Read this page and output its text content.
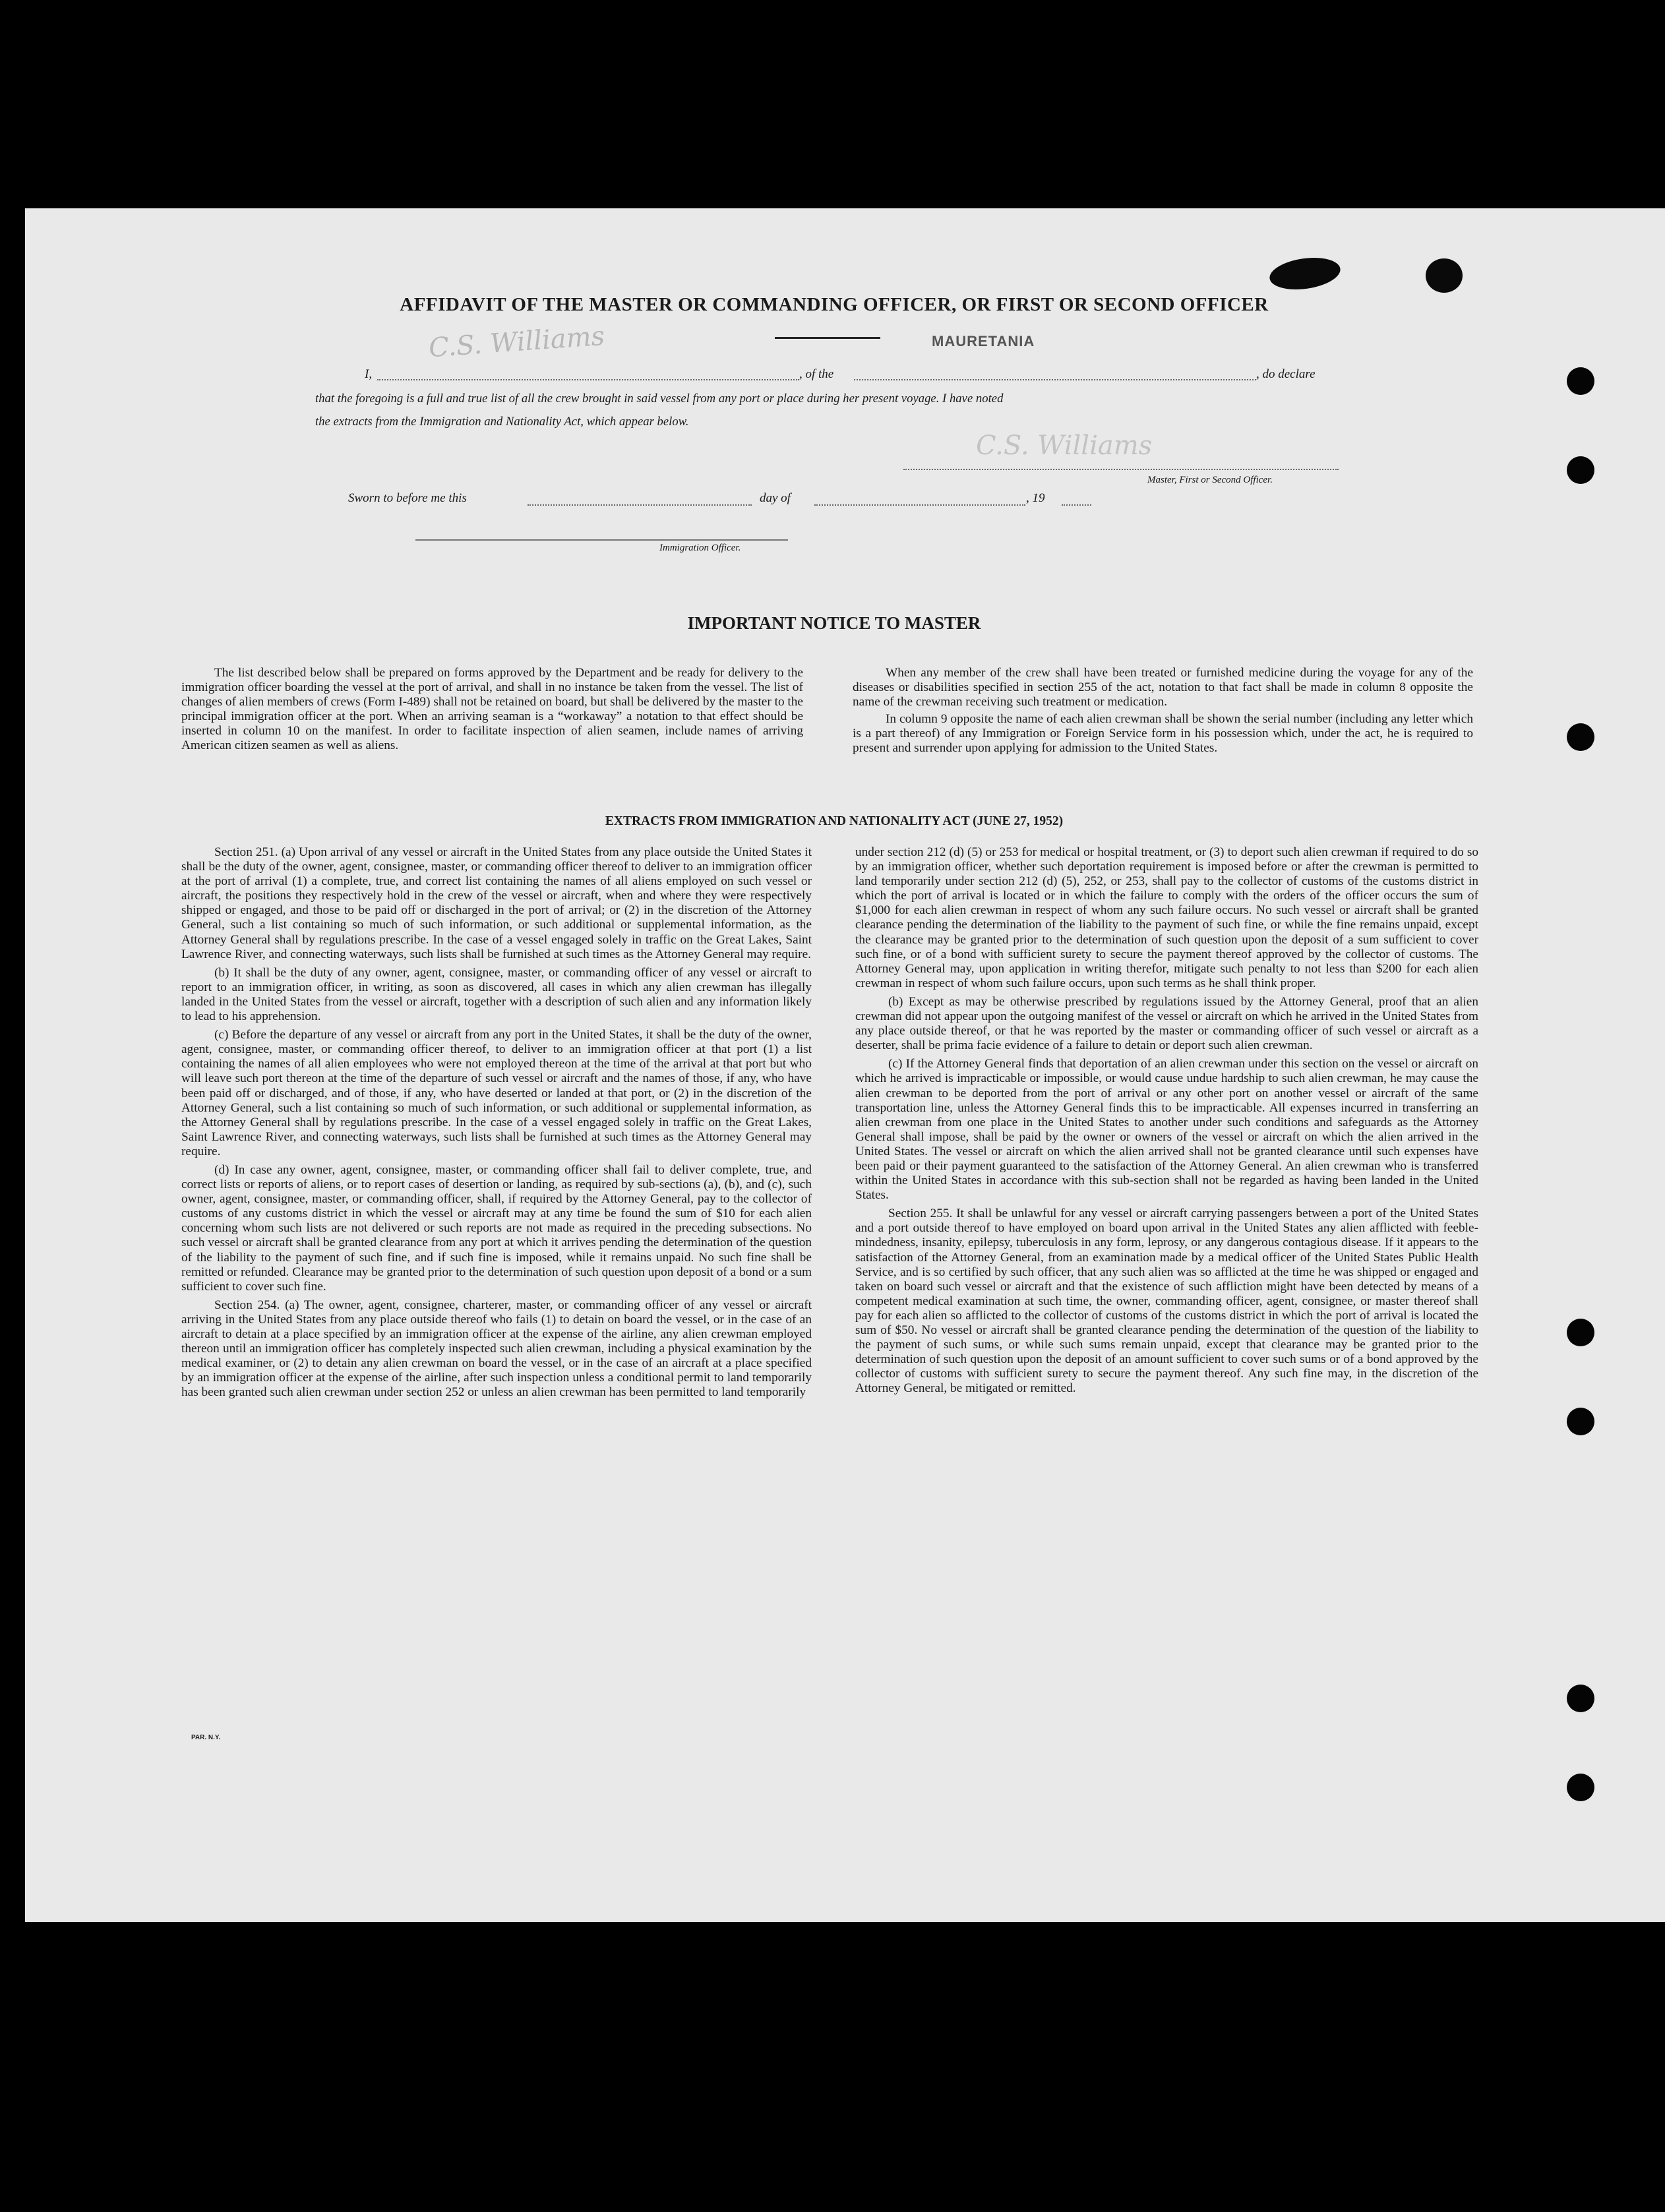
AFFIDAVIT OF THE MASTER OR COMMANDING OFFICER, OR FIRST OR SECOND OFFICER
MAURETANIA
C.S. Williams
I,	, of the	, do declare
that the foregoing is a full and true list of all the crew brought in said vessel from any port or place during her present voyage. I have noted
the extracts from the Immigration and Nationality Act, which appear below.
C.S. Williams
Master, First or Second Officer.
Sworn to before me this	day of	, 19
Immigration Officer.
IMPORTANT NOTICE TO MASTER

The list described below shall be prepared on forms approved by the Department and be ready for delivery to the immigration officer boarding the vessel at the port of arrival, and shall in no instance be taken from the vessel. The list of changes of alien members of crews (Form I-489) shall not be retained on board, but shall be delivered by the master to the principal immigration officer at the port. When an arriving seaman is a “workaway” a notation to that effect should be inserted in column 10 on the manifest. In order to facilitate inspection of alien seamen, include names of arriving American citizen seamen as well as aliens.

When any member of the crew shall have been treated or furnished medicine during the voyage for any of the diseases or disabilities specified in section 255 of the act, notation to that fact shall be made in column 8 opposite the name of the crewman receiving such treatment or medication.

In column 9 opposite the name of each alien crewman shall be shown the serial number (including any letter which is a part thereof) of any Immigration or Foreign Service form in his possession which, under the act, he is required to present and surrender upon applying for admission to the United States.

EXTRACTS FROM IMMIGRATION AND NATIONALITY ACT (JUNE 27, 1952)

Section 251. (a) Upon arrival of any vessel or aircraft in the United States from any place outside the United States it shall be the duty of the owner, agent, consignee, master, or commanding officer thereof to deliver to an immigration officer at the port of arrival (1) a complete, true, and correct list containing the names of all aliens employed on such vessel or aircraft, the positions they respectively hold in the crew of the vessel or aircraft, when and where they were respectively shipped or engaged, and those to be paid off or discharged in the port of arrival; or (2) in the discretion of the Attorney General, such a list containing so much of such information, or such additional or supplemental information, as the Attorney General shall by regulations prescribe. In the case of a vessel engaged solely in traffic on the Great Lakes, Saint Lawrence River, and connecting waterways, such lists shall be furnished at such times as the Attorney General may require.

(b) It shall be the duty of any owner, agent, consignee, master, or commanding officer of any vessel or aircraft to report to an immigration officer, in writing, as soon as discovered, all cases in which any alien crewman has illegally landed in the United States from the vessel or aircraft, together with a description of such alien and any information likely to lead to his apprehension.

(c) Before the departure of any vessel or aircraft from any port in the United States, it shall be the duty of the owner, agent, consignee, master, or commanding officer thereof, to deliver to an immigration officer at that port (1) a list containing the names of all alien employees who were not employed thereon at the time of the arrival at that port but who will leave such port thereon at the time of the departure of such vessel or aircraft and the names of those, if any, who have been paid off or discharged, and of those, if any, who have deserted or landed at that port, or (2) in the discretion of the Attorney General, such a list containing so much of such information, or such additional or supplemental information, as the Attorney General shall by regulations prescribe. In the case of a vessel engaged solely in traffic on the Great Lakes, Saint Lawrence River, and connecting waterways, such lists shall be furnished at such times as the Attorney General may require.

(d) In case any owner, agent, consignee, master, or commanding officer shall fail to deliver complete, true, and correct lists or reports of aliens, or to report cases of desertion or landing, as required by sub-sections (a), (b), and (c), such owner, agent, consignee, master, or commanding officer, shall, if required by the Attorney General, pay to the collector of customs of any customs district in which the vessel or aircraft may at any time be found the sum of $10 for each alien concerning whom such lists are not delivered or such reports are not made as required in the preceding subsections. No such vessel or aircraft shall be granted clearance from any port at which it arrives pending the determination of the question of the liability to the payment of such fine, and if such fine is imposed, while it remains unpaid. No such fine shall be remitted or refunded. Clearance may be granted prior to the determination of such question upon deposit of a bond or a sum sufficient to cover such fine.

Section 254. (a) The owner, agent, consignee, charterer, master, or commanding officer of any vessel or aircraft arriving in the United States from any place outside thereof who fails (1) to detain on board the vessel, or in the case of an aircraft to detain at a place specified by an immigration officer at the expense of the airline, any alien crewman employed thereon until an immigration officer has completely inspected such alien crewman, including a physical examination by the medical examiner, or (2) to detain any alien crewman on board the vessel, or in the case of an aircraft at a place specified by an immigration officer at the expense of the airline, after such inspection unless a conditional permit to land temporarily has been granted such alien crewman under section 252 or unless an alien crewman has been permitted to land temporarily

under section 212 (d) (5) or 253 for medical or hospital treatment, or (3) to deport such alien crewman if required to do so by an immigration officer, whether such deportation requirement is imposed before or after the crewman is permitted to land temporarily under section 212 (d) (5), 252, or 253, shall pay to the collector of customs of the customs district in which the port of arrival is located or in which the failure to comply with the orders of the officer occurs the sum of $1,000 for each alien crewman in respect of whom any such failure occurs. No such vessel or aircraft shall be granted clearance pending the determination of the liability to the payment of such fine, or while the fine remains unpaid, except the clearance may be granted prior to the determination of such question upon the deposit of a sum sufficient to cover such fine, or of a bond with sufficient surety to secure the payment thereof approved by the collector of customs. The Attorney General may, upon application in writing therefor, mitigate such penalty to not less than $200 for each alien crewman in respect of whom such failure occurs, upon such terms as he shall think proper.

(b) Except as may be otherwise prescribed by regulations issued by the Attorney General, proof that an alien crewman did not appear upon the outgoing manifest of the vessel or aircraft on which he arrived in the United States from any place outside thereof, or that he was reported by the master or commanding officer of such vessel or aircraft as a deserter, shall be prima facie evidence of a failure to detain or deport such alien crewman.

(c) If the Attorney General finds that deportation of an alien crewman under this section on the vessel or aircraft on which he arrived is impracticable or impossible, or would cause undue hardship to such alien crewman, he may cause the alien crewman to be deported from the port of arrival or any other port on another vessel or aircraft of the same transportation line, unless the Attorney General finds this to be impracticable. All expenses incurred in transferring an alien crewman from one place in the United States to another under such conditions and safeguards as the Attorney General shall impose, shall be paid by the owner or owners of the vessel or aircraft on which the alien arrived in the United States. The vessel or aircraft on which the alien arrived shall not be granted clearance until such expenses have been paid or their payment guaranteed to the satisfaction of the Attorney General. An alien crewman who is transferred within the United States in accordance with this sub-section shall not be regarded as having been landed in the United States.

Section 255. It shall be unlawful for any vessel or aircraft carrying passengers between a port of the United States and a port outside thereof to have employed on board upon arrival in the United States any alien afflicted with feeble-mindedness, insanity, epilepsy, tuberculosis in any form, leprosy, or any dangerous contagious disease. If it appears to the satisfaction of the Attorney General, from an examination made by a medical officer of the United States Public Health Service, and is so certified by such officer, that any such alien was so afflicted at the time he was shipped or engaged and taken on board such vessel or aircraft and that the existence of such affliction might have been detected by means of a competent medical examination at such time, the owner, commanding officer, agent, consignee, or master thereof shall pay for each alien so afflicted to the collector of customs of the customs district in which the port of arrival is located the sum of $50. No vessel or aircraft shall be granted clearance pending the determination of the question of the liability to the payment of such sums, or while such sums remain unpaid, except that clearance may be granted prior to the determination of such question upon the deposit of an amount sufficient to cover such sums or of a bond approved by the collector of customs with sufficient surety to secure the payment thereof. Any such fine may, in the discretion of the Attorney General, be mitigated or remitted.

PAR. N.Y.
